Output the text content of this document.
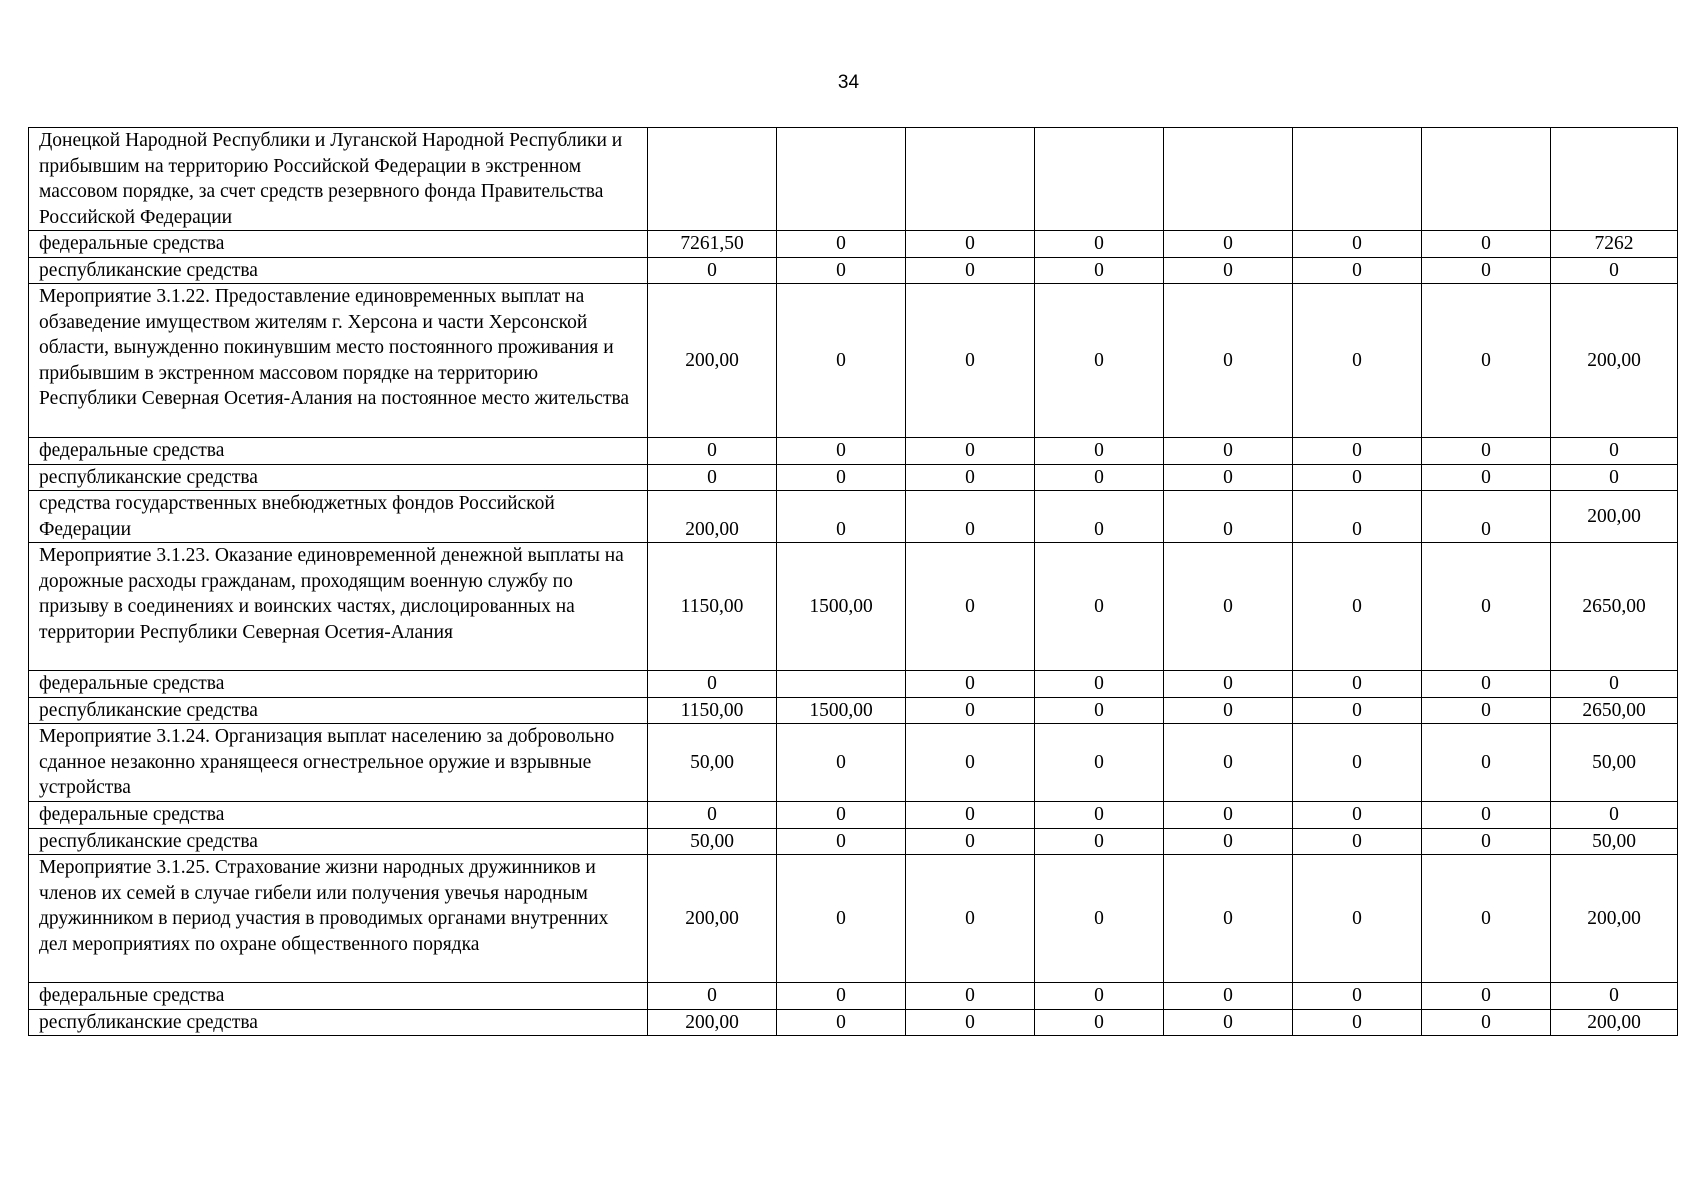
34
Донецкой Народной Республики и Луганской Народной Республики и прибывшим на территорию Российской Федерации в экстренном массовом порядке, за счет средств резервного фонда Правительства Российской Федерации								
федеральные средства	7261,50	0	0	0	0	0	0	7262
республиканские средства	0	0	0	0	0	0	0	0
Мероприятие 3.1.22. Предоставление единовременных выплат на обзаведение имуществом жителям г. Херсона и части Херсонской области, вынужденно покинувшим место постоянного проживания и прибывшим в экстренном массовом порядке на территорию Республики Северная Осетия-Алания на постоянное место жительства	200,00	0	0	0	0	0	0	200,00
федеральные средства	0	0	0	0	0	0	0	0
республиканские средства	0	0	0	0	0	0	0	0
средства государственных внебюджетных фондов Российской Федерации	200,00	0	0	0	0	0	0	200,00
Мероприятие 3.1.23. Оказание единовременной денежной выплаты на дорожные расходы гражданам, проходящим военную службу по призыву в соединениях и воинских частях, дислоцированных на территории Республики Северная Осетия-Алания	1150,00	1500,00	0	0	0	0	0	2650,00
федеральные средства	0		0	0	0	0	0	0
республиканские средства	1150,00	1500,00	0	0	0	0	0	2650,00
Мероприятие 3.1.24. Организация выплат населению за добровольно сданное незаконно хранящееся огнестрельное оружие и взрывные устройства	50,00	0	0	0	0	0	0	50,00
федеральные средства	0	0	0	0	0	0	0	0
республиканские средства	50,00	0	0	0	0	0	0	50,00
Мероприятие 3.1.25. Страхование жизни народных дружинников и членов их семей в случае гибели или получения увечья народным дружинником в период участия в проводимых органами внутренних дел мероприятиях по охране общественного порядка	200,00	0	0	0	0	0	0	200,00
федеральные средства	0	0	0	0	0	0	0	0
республиканские средства	200,00	0	0	0	0	0	0	200,00
